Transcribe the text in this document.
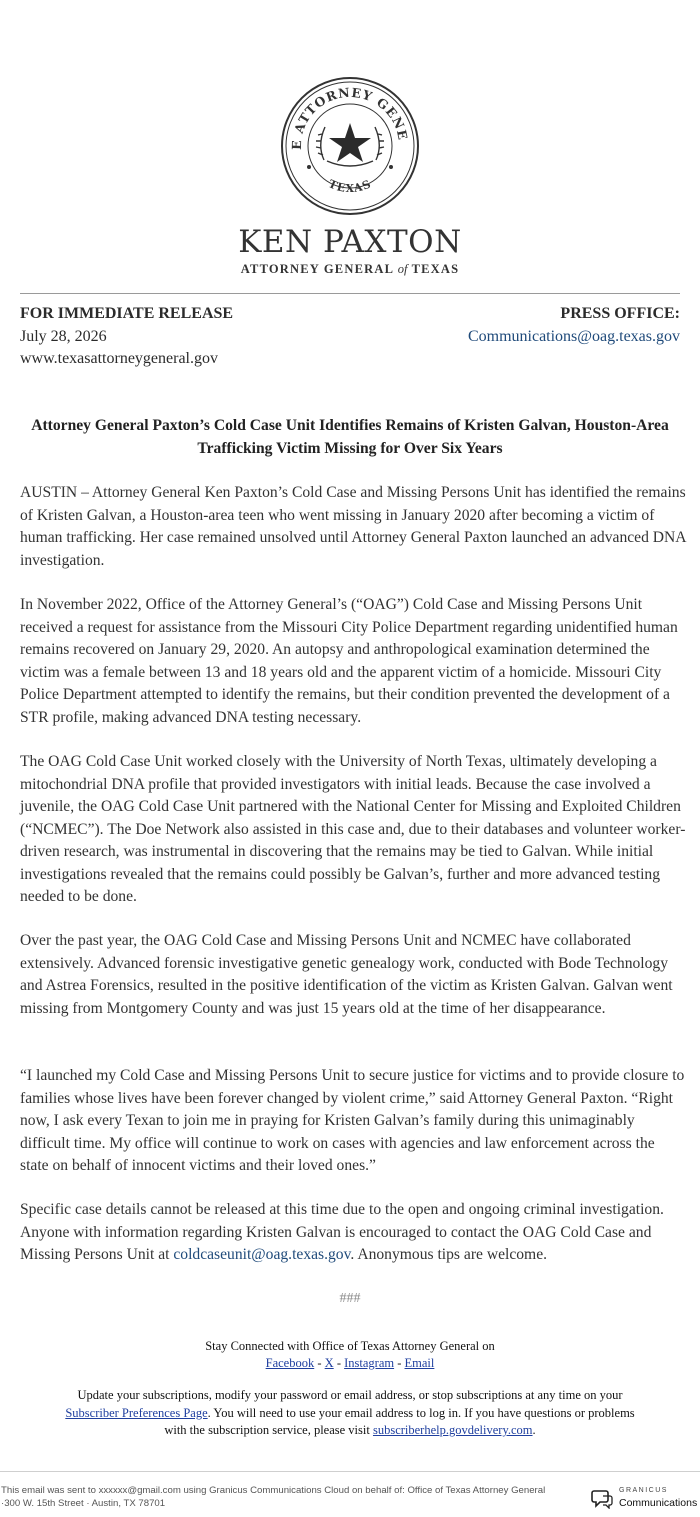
E ATTORNEY GENE
TEXAS
KEN PAXTON
ATTORNEY GENERAL of TEXAS
FOR IMMEDIATE RELEASE
July 28, 2026
www.texasattorneygeneral.gov
PRESS OFFICE:
Communications@oag.texas.gov
Attorney General Paxton’s Cold Case Unit Identifies Remains of Kristen Galvan, Houston-Area Trafficking Victim Missing for Over Six Years
AUSTIN – Attorney General Ken Paxton’s Cold Case and Missing Persons Unit has identified the remains of Kristen Galvan, a Houston-area teen who went missing in January 2020 after becoming a victim of human trafficking. Her case remained unsolved until Attorney General Paxton launched an advanced DNA investigation.
In November 2022, Office of the Attorney General’s (“OAG”) Cold Case and Missing Persons Unit received a request for assistance from the Missouri City Police Department regarding unidentified human remains recovered on January 29, 2020. An autopsy and anthropological examination determined the victim was a female between 13 and 18 years old and the apparent victim of a homicide. Missouri City Police Department attempted to identify the remains, but their condition prevented the development of a STR profile, making advanced DNA testing necessary.
The OAG Cold Case Unit worked closely with the University of North Texas, ultimately developing a mitochondrial DNA profile that provided investigators with initial leads. Because the case involved a juvenile, the OAG Cold Case Unit partnered with the National Center for Missing and Exploited Children (“NCMEC”). The Doe Network also assisted in this case and, due to their databases and volunteer worker-driven research, was instrumental in discovering that the remains may be tied to Galvan. While initial investigations revealed that the remains could possibly be Galvan’s, further and more advanced testing needed to be done.
Over the past year, the OAG Cold Case and Missing Persons Unit and NCMEC have collaborated extensively. Advanced forensic investigative genetic genealogy work, conducted with Bode Technology and Astrea Forensics, resulted in the positive identification of the victim as Kristen Galvan. Galvan went missing from Montgomery County and was just 15 years old at the time of her disappearance.
“I launched my Cold Case and Missing Persons Unit to secure justice for victims and to provide closure to families whose lives have been forever changed by violent crime,” said Attorney General Paxton. “Right now, I ask every Texan to join me in praying for Kristen Galvan’s family during this unimaginably difficult time. My office will continue to work on cases with agencies and law enforcement across the state on behalf of innocent victims and their loved ones.”
Specific case details cannot be released at this time due to the open and ongoing criminal investigation. Anyone with information regarding Kristen Galvan is encouraged to contact the OAG Cold Case and Missing Persons Unit at coldcaseunit@oag.texas.gov. Anonymous tips are welcome.
###
Stay Connected with Office of Texas Attorney General on
Facebook - X - Instagram - Email
Update your subscriptions, modify your password or email address, or stop subscriptions at any time on your Subscriber Preferences Page. You will need to use your email address to log in. If you have questions or problems with the subscription service, please visit subscriberhelp.govdelivery.com.
This email was sent to xxxxxx@gmail.com using Granicus Communications Cloud on behalf of: Office of Texas Attorney General
·300 W. 15th Street · Austin, TX 78701
GRANICUS
Communications
